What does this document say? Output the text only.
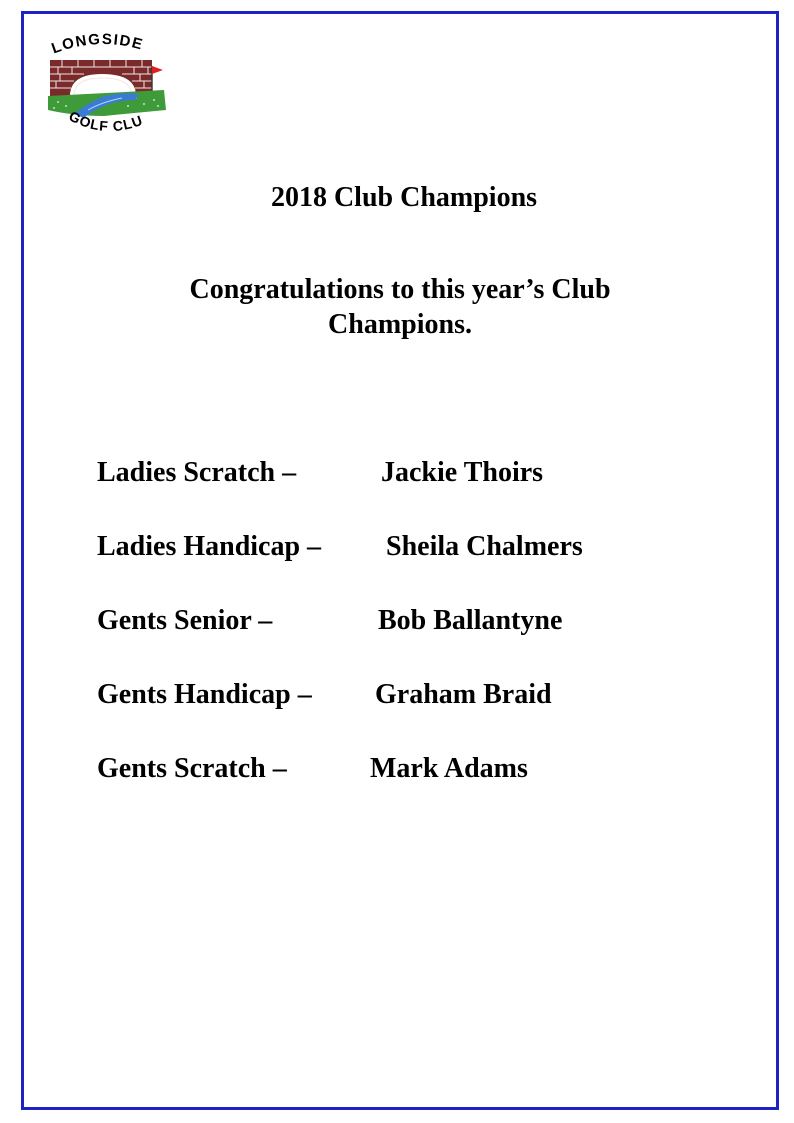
LONGSIDE
GOLF CLU
2018 Club Champions
Congratulations to this year’s Club
Champions.
Ladies Scratch –	Jackie Thoirs
Ladies Handicap – Sheila Chalmers
Gents Senior –	Bob Ballantyne
Gents Handicap – Graham Braid
Gents Scratch –	Mark Adams
